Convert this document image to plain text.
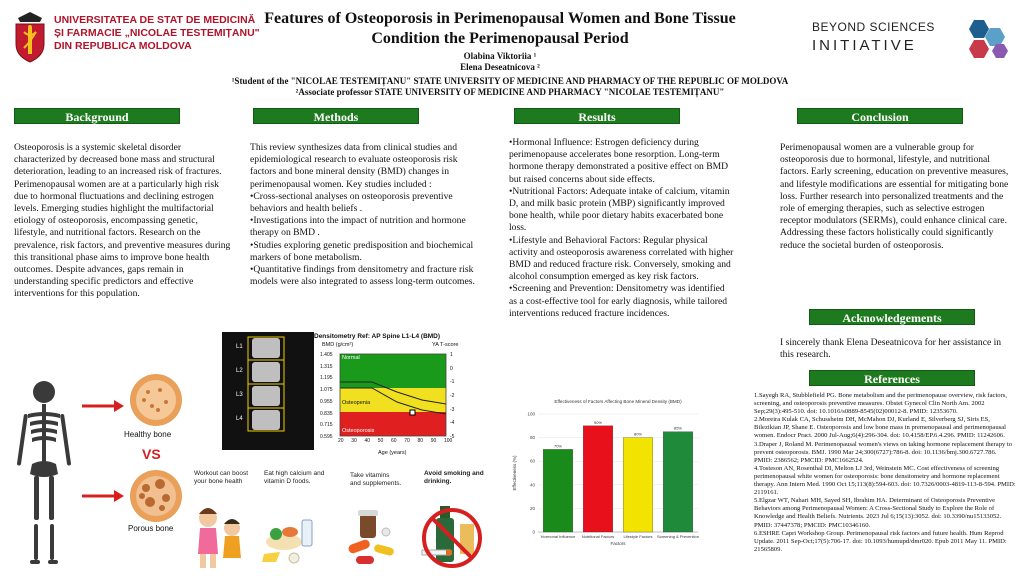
UNIVERSITATEA DE STAT DE MEDICINĂ
ȘI FARMACIE „NICOLAE TESTEMIȚANU"
DIN REPUBLICA MOLDOVA
Features of Osteoporosis in Perimenopausal Women and Bone Tissue
Condition the Perimenopausal Period
Olabina Viktoriia ¹
Elena Deseatnicova ²
¹Student of the "NICOLAE TESTEMIȚANU" STATE UNIVERSITY OF MEDICINE AND PHARMACY OF THE REPUBLIC OF MOLDOVA
²Associate professor STATE UNIVERSITY OF MEDICINE AND PHARMACY "NICOLAE TESTEMIȚANU"
BEYOND SCIENCES
INITIATIVE
Background	Methods	Results	Conclusion
Acknowledgements
References

Osteoporosis is a systemic skeletal disorder characterized by decreased bone mass and structural deterioration, leading to an increased risk of fractures. Perimenopausal women are at a particularly high risk due to hormonal fluctuations and declining estrogen levels. Emerging studies highlight the multifactorial etiology of osteoporosis, encompassing genetic, lifestyle, and nutritional factors. Research on the prevalence, risk factors, and preventive measures during this transitional phase aims to improve bone health outcomes. Despite advances, gaps remain in understanding specific predictors and effective interventions for this population.

This review synthesizes data from clinical studies and epidemiological research to evaluate osteoporosis risk factors and bone mineral density (BMD) changes in perimenopausal women. Key studies included :

•Cross-sectional analyses on osteoporosis preventive behaviors and health beliefs .

•Investigations into the impact of nutrition and hormone therapy on BMD .

•Studies exploring genetic predisposition and biochemical markers of bone metabolism.

•Quantitative findings from densitometry and fracture risk models were also integrated to assess long-term outcomes.

•Hormonal Influence: Estrogen deficiency during perimenopause accelerates bone resorption. Long-term hormone therapy demonstrated a positive effect on BMD but raised concerns about side effects.

•Nutritional Factors: Adequate intake of calcium, vitamin D, and milk basic protein (MBP) significantly improved bone health, while poor dietary habits exacerbated bone loss.

•Lifestyle and Behavioral Factors: Regular physical activity and osteoporosis awareness correlated with higher BMD and reduced fracture risk. Conversely, smoking and alcohol consumption emerged as key risk factors.

•Screening and Prevention: Densitometry was identified as a cost-effective tool for early diagnosis, while tailored interventions reduced fracture incidences.

Perimenopausal women are a vulnerable group for osteoporosis due to hormonal, lifestyle, and nutritional factors. Early screening, education on preventive measures, and lifestyle modifications are essential for mitigating bone loss. Further research into personalized treatments and the role of emerging therapies, such as selective estrogen receptor modulators (SERMs), could enhance clinical care. Addressing these factors holistically could significantly reduce the societal burden of osteoporosis.

I sincerely thank Elena Deseatnicova for her assistance in this research.

1.Sayegh RA, Stubblefield PG. Bone metabolism and the perimenopause overview, risk factors, screening, and osteoporosis preventive measures. Obstet Gynecol Clin North Am. 2002 Sep;29(3):495-510. doi: 10.1016/s0889-8545(02)00012-8. PMID: 12353670.
2.Moreira Kulak CA, Schussheim DH, McMahon DJ, Kurland E, Silverberg SJ, Siris ES, Bilezikian JP, Shane E. Osteoporosis and low bone mass in premenopausal and perimenopausal women. Endocr Pract. 2000 Jul-Aug;6(4):296-304. doi: 10.4158/EP.6.4.296. PMID: 11242606.
3.Draper J, Roland M. Perimenopausal women's views on taking hormone replacement therapy to prevent osteoporosis. BMJ. 1990 Mar 24;300(6727):786-8. doi: 10.1136/bmj.300.6727.786. PMID: 2386562; PMCID: PMC1662524.
4.Tosteson AN, Rosenthal DI, Melton LJ 3rd, Weinstein MC. Cost effectiveness of screening perimenopausal white women for osteoporosis: bone densitometry and hormone replacement therapy. Ann Intern Med. 1990 Oct 15;113(8):594-603. doi: 10.7326/0003-4819-113-8-594. PMID: 2119161.
5.Elgzar WT, Nahari MH, Sayed SH, Ibrahim HA. Determinant of Osteoporosis Preventive Behaviors among Perimenopausal Women: A Cross-Sectional Study to Explore the Role of Knowledge and Health Beliefs. Nutrients. 2023 Jul 6;15(13):3052. doi: 10.3390/nu15133052. PMID: 37447378; PMCID: PMC10346160.
6.ESHRE Capri Workshop Group. Perimenopausal risk factors and future health. Hum Reprod Update. 2011 Sep-Oct;17(5):706-17. doi: 10.1093/humupd/dmr020. Epub 2011 May 11. PMID: 21565809.
Healthy bone
VS
Porous bone
Densitometry Ref: AP Spine L1-L4 (BMD)
BMD (g/cm²)	YA T-score
Normal
Osteopenia
Osteoporosis
Age (years)
1.405
1.315
1.195
1.075
0.955
0.835
0.715
0.595
1
0
-1
-2
-3
-4
-5
20 30 40 50 60 70 80 90 100
L1
L2
L3
L4
Workout can boost your bone health
Eat high calcium and vitamin D foods.
Take vitamins and supplements.
Avoid smoking and drinking.
Effectiveness of Factors Affecting Bone Mineral Density (BMD)
0
20
40
60
80
100
70%
Hormonal Influence
90%
Nutritional Factors
80%
Lifestyle Factors
85%
Screening & Prevention
Factors
Effectiveness (%)
